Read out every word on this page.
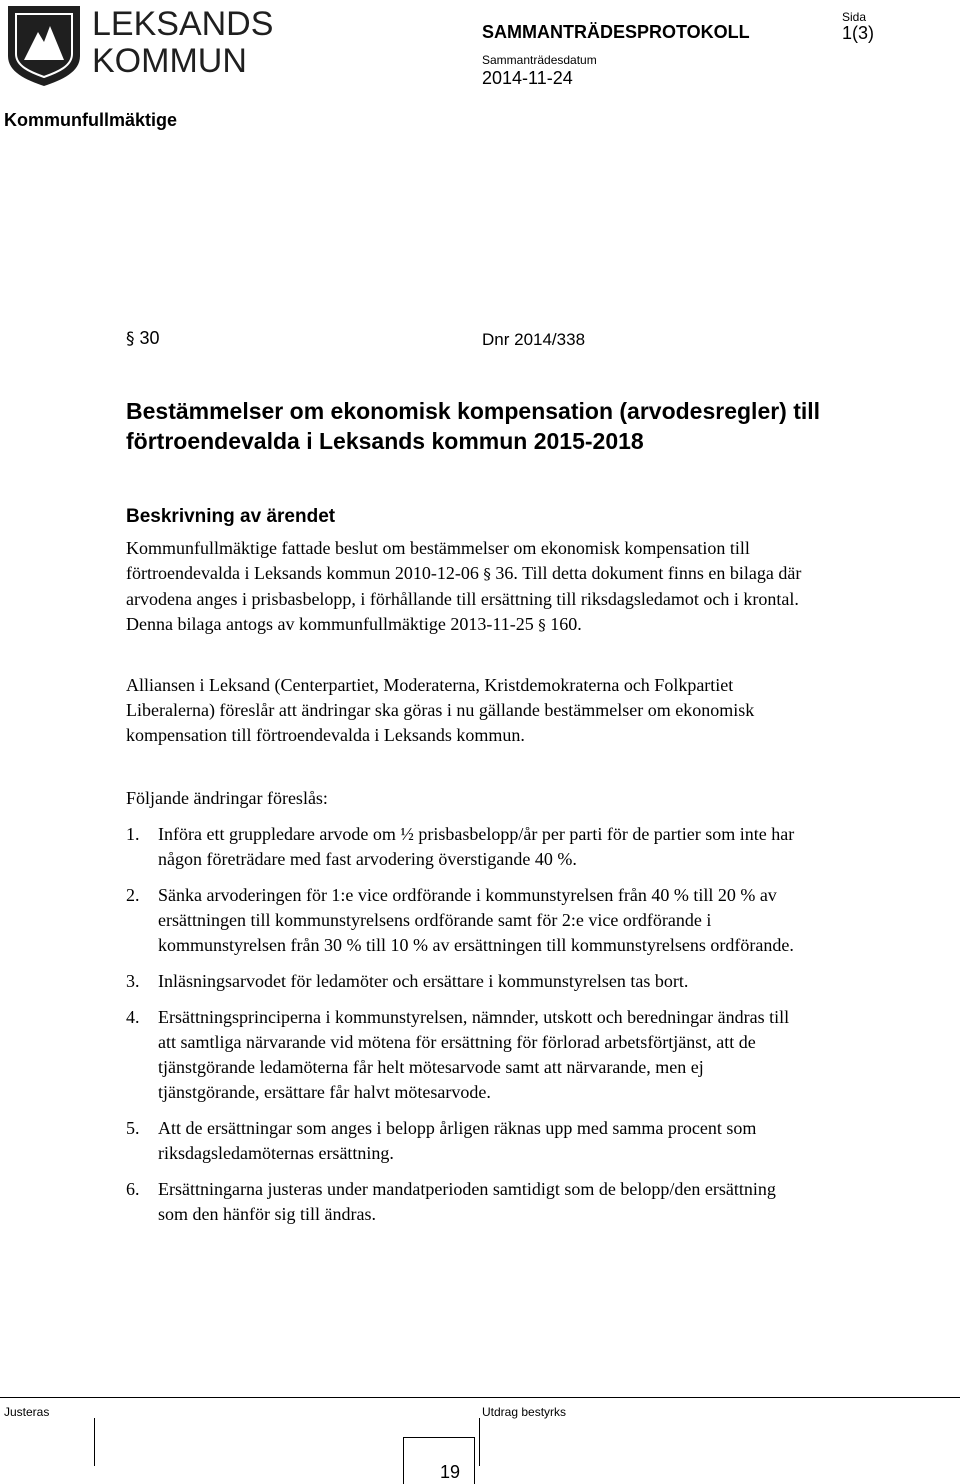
LEKSANDS
KOMMUN
SAMMANTRÄDESPROTOKOLL
Sida
1(3)
Sammanträdesdatum
2014-11-24
Kommunfullmäktige
§ 30	Dnr 2014/338
Bestämmelser om ekonomisk kompensation (arvodesregler) till förtroendevalda i Leksands kommun 2015-2018
Beskrivning av ärendet

Kommunfullmäktige fattade beslut om bestämmelser om ekonomisk kompensation till förtroendevalda i Leksands kommun 2010-12-06 § 36. Till detta dokument finns en bilaga där arvodena anges i prisbasbelopp, i förhållande till ersättning till riksdagsledamot och i krontal. Denna bilaga antogs av kommunfullmäktige 2013-11-25 § 160.

Alliansen i Leksand (Centerpartiet, Moderaterna, Kristdemokraterna och Folkpartiet Liberalerna) föreslår att ändringar ska göras i nu gällande bestämmelser om ekonomisk kompensation till förtroendevalda i Leksands kommun.

Följande ändringar föreslås:

1. Införa ett gruppledare arvode om ½ prisbasbelopp/år per parti för de partier som inte har någon företrädare med fast arvodering överstigande 40 %.
2. Sänka arvoderingen för 1:e vice ordförande i kommunstyrelsen från 40 % till 20 % av ersättningen till kommunstyrelsens ordförande samt för 2:e vice ordförande i kommunstyrelsen från 30 % till 10 % av ersättningen till kommunstyrelsens ordförande.
3. Inläsningsarvodet för ledamöter och ersättare i kommunstyrelsen tas bort.
4. Ersättningsprinciperna i kommunstyrelsen, nämnder, utskott och beredningar ändras till att samtliga närvarande vid mötena för ersättning för förlorad arbetsförtjänst, att de tjänstgörande ledamöterna får helt mötesarvode samt att närvarande, men ej tjänstgörande, ersättare får halvt mötesarvode.
5. Att de ersättningar som anges i belopp årligen räknas upp med samma procent som riksdagsledamöternas ersättning.
6. Ersättningarna justeras under mandatperioden samtidigt som de belopp/den ersättning som den hänför sig till ändras.
Justeras	Utdrag bestyrks
19
